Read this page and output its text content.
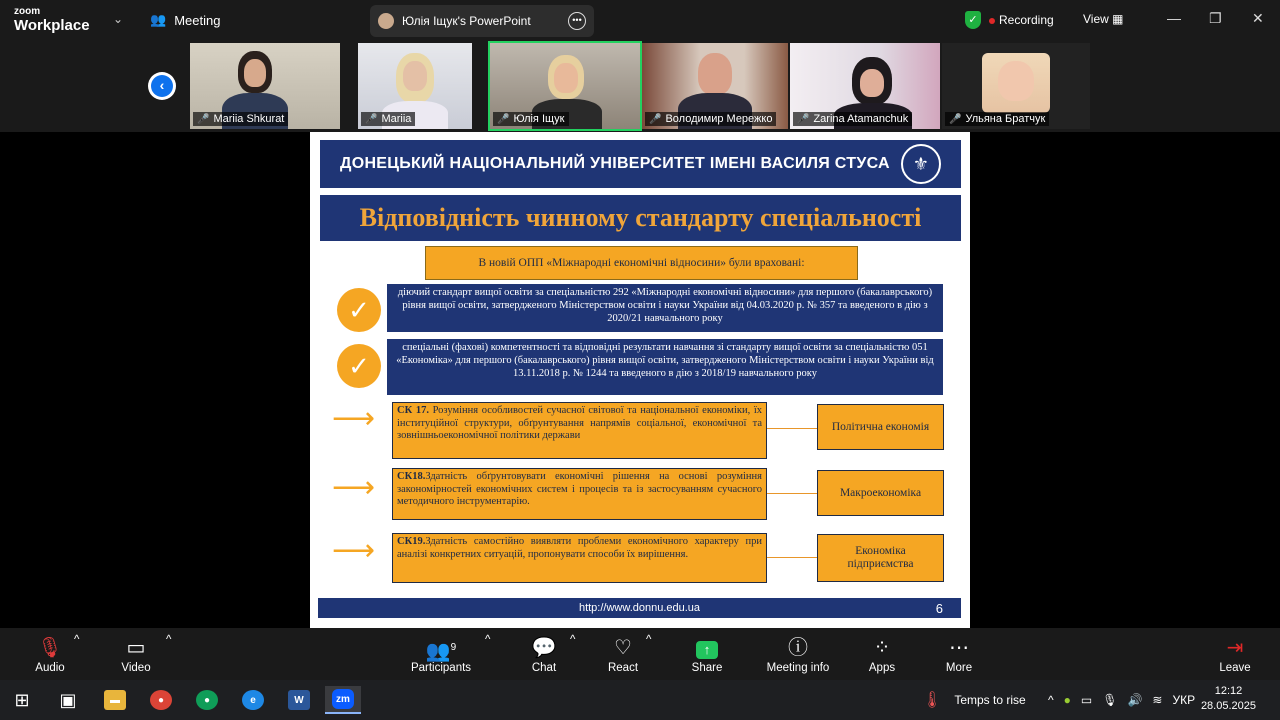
zoom
Workplace ⌄ 👥 Meeting	Юлія Іщук's PowerPoint	•••	✓	Recording View ▦	— ❐ ✕
‹
🎤 Mariia Shkurat	🎤 Mariia	🎤 Юлія Іщук	🎤 Володимир Мережко 🎤 Zarina Atamanchuk	🎤 Ульяна Братчук
ДОНЕЦЬКИЙ НАЦІОНАЛЬНИЙ УНІВЕРСИТЕТ ІМЕНІ ВАСИЛЯ СТУСА	⚜
Відповідність чинному стандарту спеціальності
В новій ОПП «Міжнародні економічні відносини» були враховані:
✓
діючий стандарт вищої освіти за спеціальністю 292 «Міжнародні економічні відносини» для першого (бакалаврського) рівня вищої освіти, затвердженого Міністерством освіти і науки України від 04.03.2020 р. № 357 та введеного в дію з 2020/21 навчального року
✓
спеціальні (фахові) компетентності та відповідні результати навчання зі стандарту вищої освіти за спеціальністю 051 «Економіка» для першого (бакалаврського) рівня вищої освіти, затвердженого Міністерством освіти і науки України від 13.11.2018 р. № 1244 та введеного в дію з 2018/19 навчального року
⟶	СК 17. Розуміння особливостей сучасної світової та національної економіки, їх інституційної структури, обґрунтування напрямів соціальної, економічної та зовнішньоекономічної політики держави
Політична економія
⟶	СК18.Здатність обґрунтовувати економічні рішення на основі розуміння закономірностей економічних систем і процесів та із застосуванням сучасного методичного інструментарію.
Макроекономіка
⟶	СК19.Здатність самостійно виявляти проблеми економічного характеру при аналізі конкретних ситуацій, пропонувати способи їх вирішення.	Економіка підприємства
http://www.donnu.edu.ua	6
🎙
Audio
^	▭
Video
^
👥$^9$
Participants
^ 💬
Chat
^	♡
React
^
↑
Share
ⓘ
Meeting info
⁘
Apps
⋯
More
⇥
Leave
⊞	▣	▬	●	●	e	W	zm	🌡 Temps to rise ^ ● ▭ 🎙 🔊 ≋ УКР
12:12
28.05.2025
